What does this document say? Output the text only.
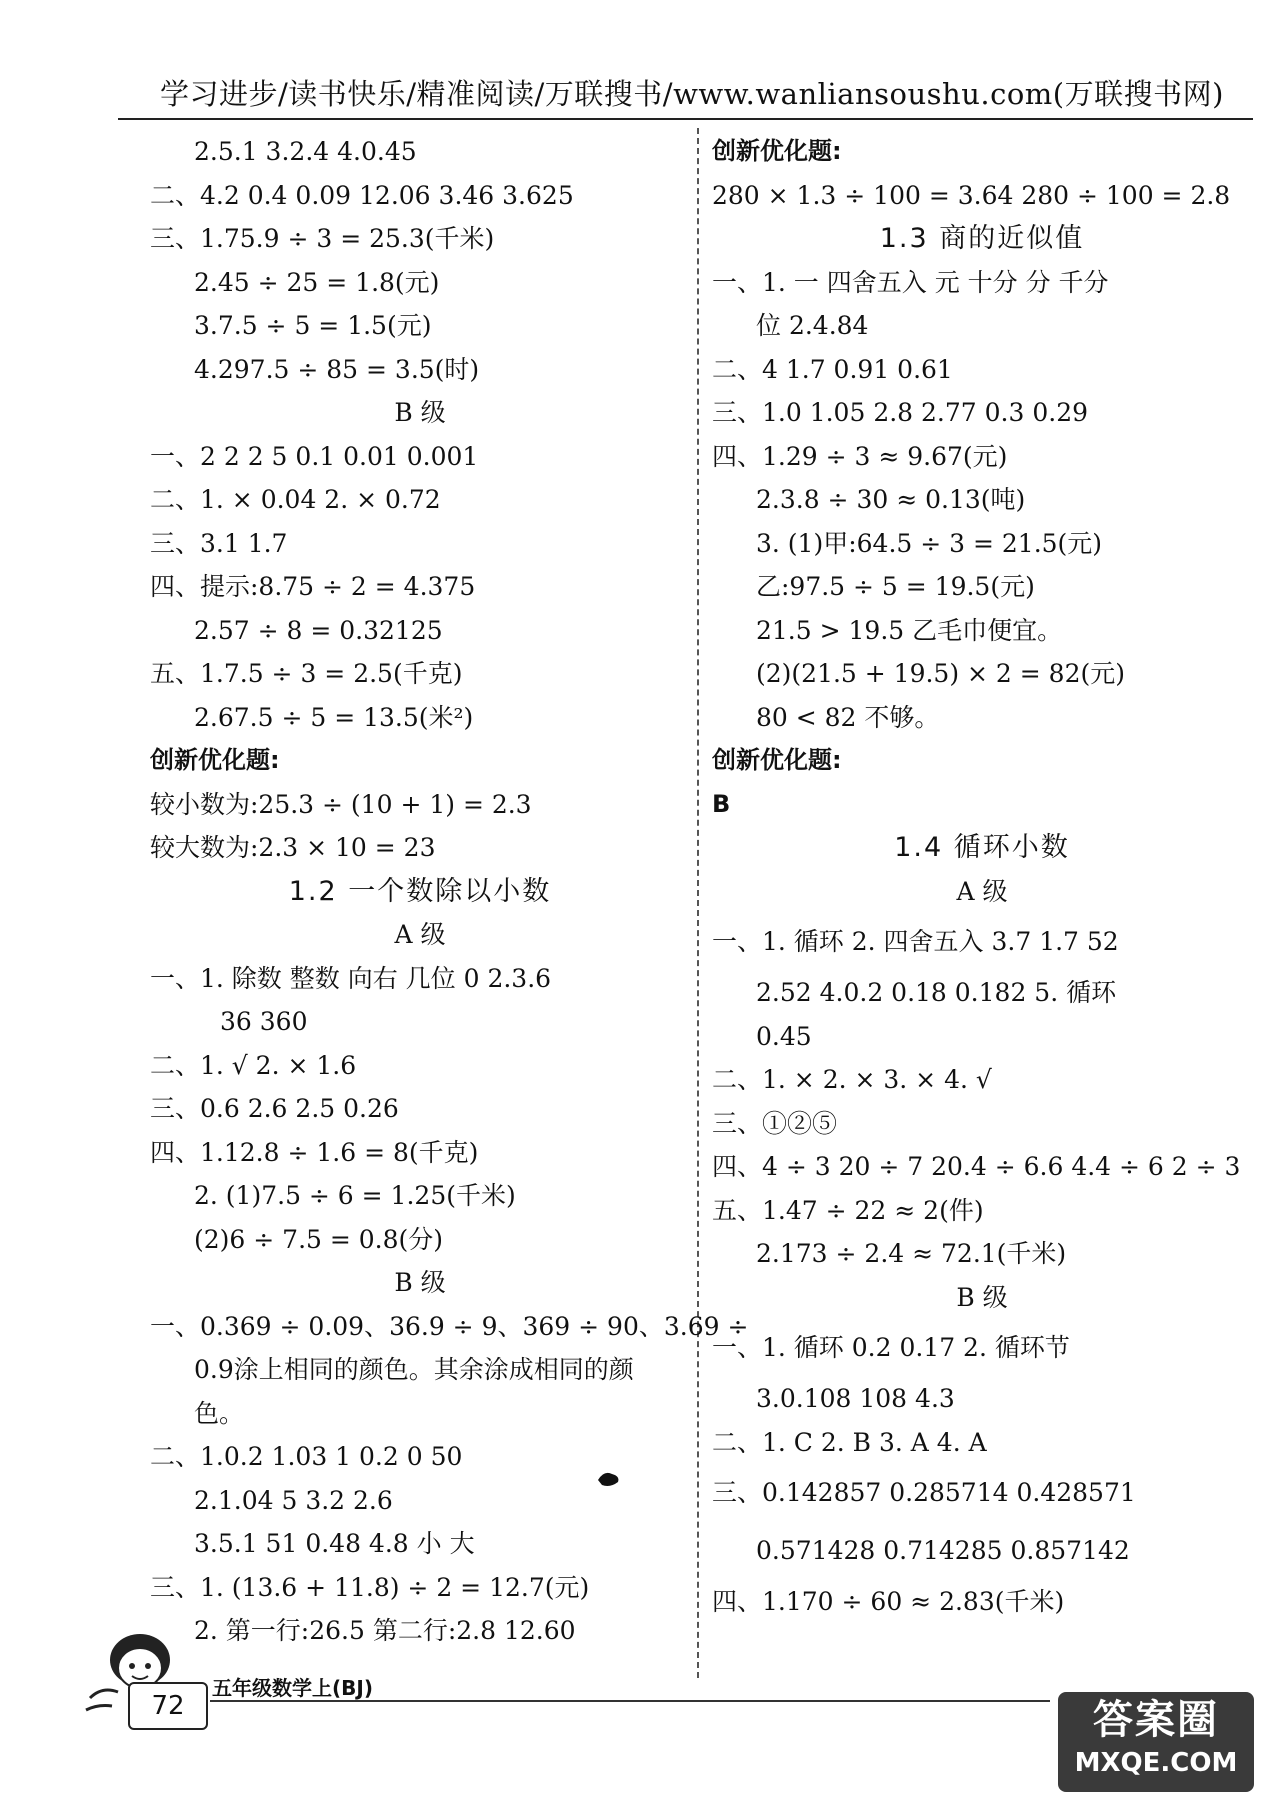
学习进步/读书快乐/精准阅读/万联搜书/www.wanliansoushu.com(万联搜书网)
2.5.1 3.2.4 4.0.45
二、4.2 0.4 0.09 12.06 3.46 3.625
三、1.75.9 ÷ 3 = 25.3(千米)
2.45 ÷ 25 = 1.8(元)
3.7.5 ÷ 5 = 1.5(元)
4.297.5 ÷ 85 = 3.5(时)
B 级
一、2 2 2 5 0.1 0.01 0.001
二、1. × 0.04 2. × 0.72
三、3.1 1.7
四、提示:8.75 ÷ 2 = 4.375
2.57 ÷ 8 = 0.32125
五、1.7.5 ÷ 3 = 2.5(千克)
2.67.5 ÷ 5 = 13.5(米²)
创新优化题:
较小数为:25.3 ÷ (10 + 1) = 2.3
较大数为:2.3 × 10 = 23
1.2 一个数除以小数
A 级
一、1. 除数 整数 向右 几位 0 2.3.6
36 360
二、1. √ 2. × 1.6
三、0.6 2.6 2.5 0.26
四、1.12.8 ÷ 1.6 = 8(千克)
2. (1)7.5 ÷ 6 = 1.25(千米)
(2)6 ÷ 7.5 = 0.8(分)
B 级
一、0.369 ÷ 0.09、36.9 ÷ 9、369 ÷ 90、3.69 ÷
0.9涂上相同的颜色。其余涂成相同的颜
色。
二、1.0.2 1.03 1 0.2 0 50
2.1.04 5 3.2 2.6
3.5.1 51 0.48 4.8 小 大
三、1. (13.6 + 11.8) ÷ 2 = 12.7(元)
2. 第一行:26.5 第二行:2.8 12.60
创新优化题:
280 × 1.3 ÷ 100 = 3.64 280 ÷ 100 = 2.8
1.3 商的近似值
一、1. 一 四舍五入 元 十分 分 千分
位 2.4.84
二、4 1.7 0.91 0.61
三、1.0 1.05 2.8 2.77 0.3 0.29
四、1.29 ÷ 3 ≈ 9.67(元)
2.3.8 ÷ 30 ≈ 0.13(吨)
3. (1)甲:64.5 ÷ 3 = 21.5(元)
乙:97.5 ÷ 5 = 19.5(元)
21.5 > 19.5 乙毛巾便宜。
(2)(21.5 + 19.5) × 2 = 82(元)
80 < 82 不够。
创新优化题:
B
1.4 循环小数
A 级
一、1. 循环 2. 四舍五入 3.7 1.7 52
2.52 4.0.2 0.18 0.182 5. 循环
0.45
二、1. × 2. × 3. × 4. √
三、①②⑤
四、4 ÷ 3 20 ÷ 7 20.4 ÷ 6.6 4.4 ÷ 6 2 ÷ 3
五、1.47 ÷ 22 ≈ 2(件)
2.173 ÷ 2.4 ≈ 72.1(千米)
B 级
一、1. 循环 0.2 0.17 2. 循环节
3.0.108 108 4.3
二、1. C 2. B 3. A 4. A
三、0.142857 0.285714 0.428571
0.571428 0.714285 0.857142
四、1.170 ÷ 60 ≈ 2.83(千米)
72
五年级数学上(BJ)
答案圈
MXQE.COM
